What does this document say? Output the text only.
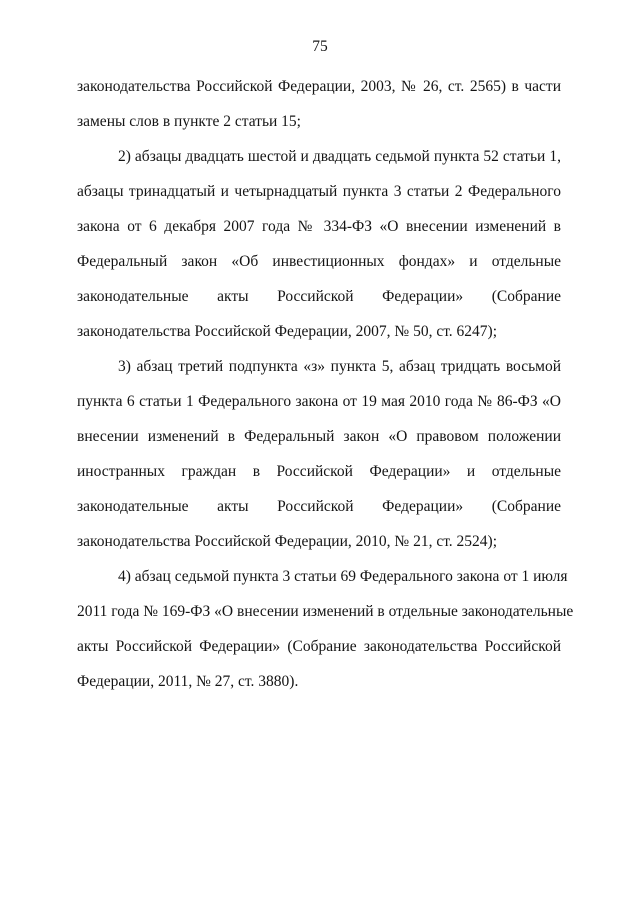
75
законодательства Российской Федерации, 2003, № 26, ст. 2565) в части
замены слов в пункте 2 статьи 15;
2) абзацы двадцать шестой и двадцать седьмой пункта 52 статьи 1,
абзацы тринадцатый и четырнадцатый пункта 3 статьи 2 Федерального
закона от 6 декабря 2007 года № 334-ФЗ «О внесении изменений в
Федеральный закон «Об инвестиционных фондах» и отдельные
законодательные акты Российской Федерации» (Собрание
законодательства Российской Федерации, 2007, № 50, ст. 6247);
3) абзац третий подпункта «з» пункта 5, абзац тридцать восьмой
пункта 6 статьи 1 Федерального закона от 19 мая 2010 года № 86-ФЗ «О
внесении изменений в Федеральный закон «О правовом положении
иностранных граждан в Российской Федерации» и отдельные
законодательные акты Российской Федерации» (Собрание
законодательства Российской Федерации, 2010, № 21, ст. 2524);
4) абзац седьмой пункта 3 статьи 69 Федерального закона от 1 июля
2011 года № 169-ФЗ «О внесении изменений в отдельные законодательные
акты Российской Федерации» (Собрание законодательства Российской
Федерации, 2011, № 27, ст. 3880).
